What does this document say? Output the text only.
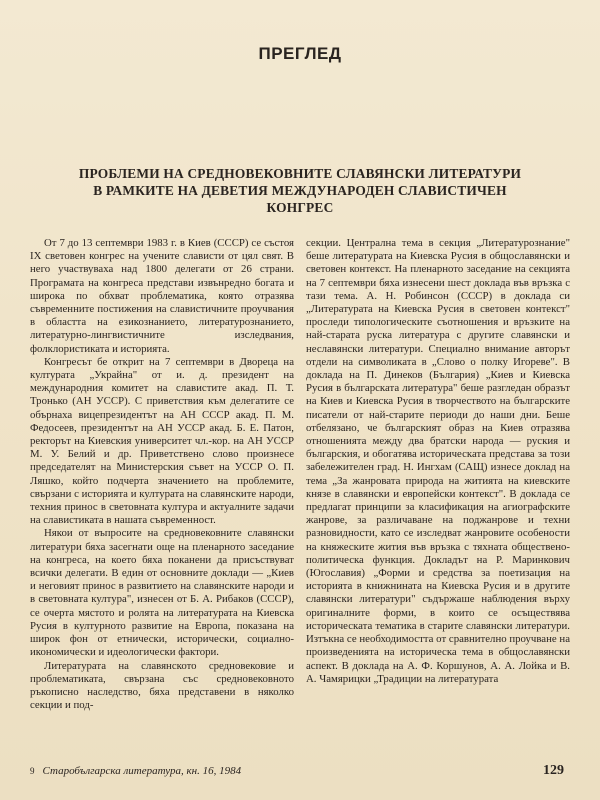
ПРЕГЛЕД
ПРОБЛЕМИ НА СРЕДНОВЕКОВНИТЕ СЛАВЯНСКИ ЛИТЕРАТУРИ
В РАМКИТЕ НА ДЕВЕТИЯ МЕЖДУНАРОДЕН СЛАВИСТИЧЕН
КОНГРЕС

От 7 до 13 септември 1983 г. в Киев (СССР) се състоя IX световен конгрес на учените слависти от цял свят. В него участвуваха над 1800 делегати от 26 страни. Програмата на конгреса представи извънредно богата и широка по обхват проблематика, която отразява съвременните постижения на славистичните проучвания в областта на езикознанието, литературознанието, литературно-лингвистичните изследвания, фолклористиката и историята.

Конгресът бе открит на 7 септември в Двореца на културата „Украйна" от и. д. президент на международния комитет на славистите акад. П. Т. Тронько (АН УССР). С приветствия към делегатите се обърнаха вицепрезидентът на АН СССР акад. П. М. Федосеев, президентът на АН УССР акад. Б. Е. Патон, ректорът на Киевския университет чл.-кор. на АН УССР М. У. Белий и др. Приветствено слово произнесе председателят на Министерския съвет на УССР О. П. Ляшко, който подчерта значението на проблемите, свързани с историята и културата на славянските народи, техния принос в световната култура и актуалните задачи на славистиката в нашата съвременност.

Някои от въпросите на средновековните славянски литератури бяха засегнати още на пленарното заседание на конгреса, на което бяха поканени да присъствуват всички делегати. В един от основните доклади — „Киев и неговият принос в развитието на славянските народи и в световната култура", изнесен от Б. А. Рибаков (СССР), се очерта мястото и ролята на литературата на Киевска Русия в културното развитие на Европа, показана на широк фон от етнически, исторически, социално-икономически и идеологически фактори.

Литературата на славянското средновековие и проблематиката, свързана със средновековното ръкописно наследство, бяха представени в няколко секции и под-

секции. Централна тема в секция „Литературознание" беше литературата на Киевска Русия в общославянски и световен контекст. На пленарното заседание на секцията на 7 септември бяха изнесени шест доклада във връзка с тази тема. А. Н. Робинсон (СССР) в доклада си „Литературата на Киевска Русия в световен контекст" проследи типологическите съотношения и връзките на най-старата руска литература с другите славянски и неславянски литератури. Специално внимание авторът отдели на символиката в „Слово о полку Игореве". В доклада на П. Динеков (България) „Киев и Киевска Русия в българската литература" беше разгледан образът на Киев и Киевска Русия в творчеството на българските писатели от най-старите периоди до наши дни. Беше отбелязано, че българският образ на Киев отразява отношенията между два братски народа — руския и българския, и обогатява историческата представа за този забележителен град. Н. Ингхам (САЩ) изнесе доклад на тема „За жанровата природа на житията на киевските князе в славянски и европейски контекст". В доклада се предлагат принципи за класификация на агиографските жанрове, за различаване на поджанрове и техни разновидности, като се изследват жанровите особености на княжеските жития във връзка с тяхната обществено-политическа функция. Докладът на Р. Маринкович (Югославия) „Форми и средства за поетизация на историята в книжнината на Киевска Русия и в другите славянски литератури" съдържаше наблюдения върху оригиналните форми, в които се осъществява историческата тематика в старите славянски литератури. Изтъкна се необходимостта от сравнително проучване на произведенията на историческа тема в общославянски аспект. В доклада на А. Ф. Коршунов, А. А. Лойка и В. А. Чамярицки „Традиции на литературата

9 Старобългарска литература, кн. 16, 1984	129
